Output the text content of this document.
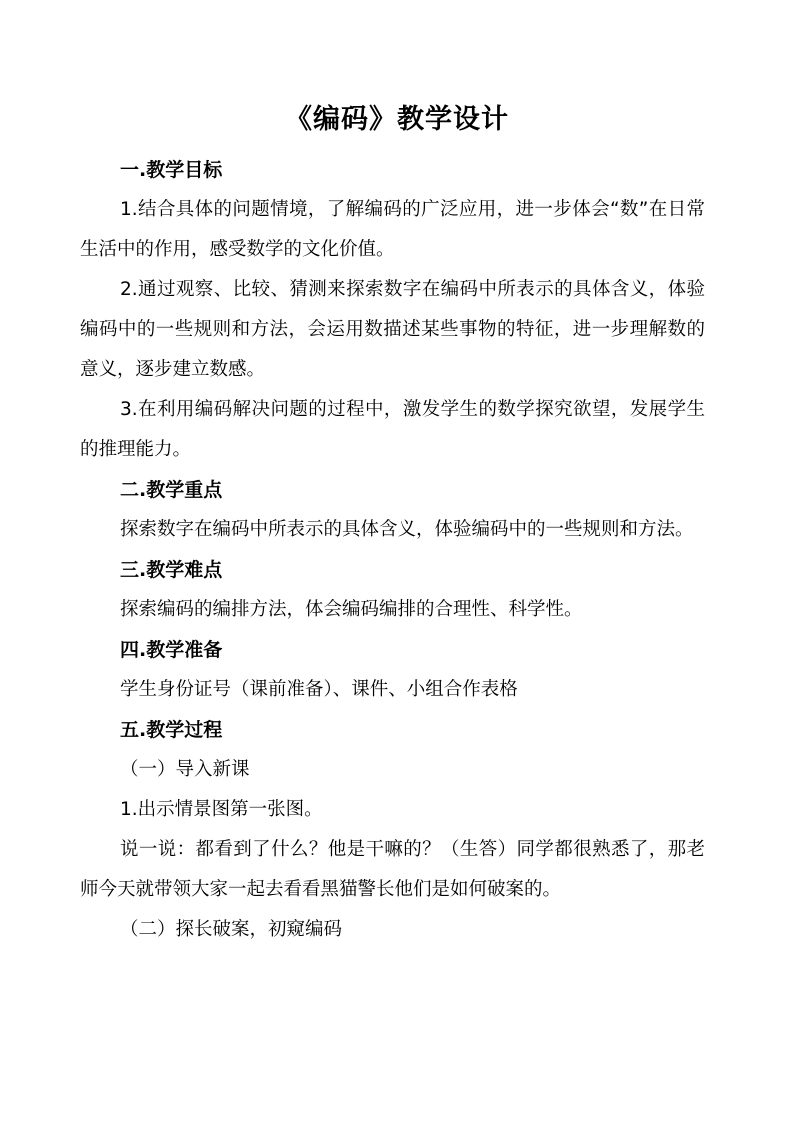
《编码》教学设计

一.教学目标

1.结合具体的问题情境，了解编码的广泛应用，进一步体会“数”在日常生活中的作用，感受数学的文化价值。

2.通过观察、比较、猜测来探索数字在编码中所表示的具体含义，体验编码中的一些规则和方法，会运用数描述某些事物的特征，进一步理解数的意义，逐步建立数感。

3.在利用编码解决问题的过程中，激发学生的数学探究欲望，发展学生的推理能力。

二.教学重点

探索数字在编码中所表示的具体含义，体验编码中的一些规则和方法。

三.教学难点

探索编码的编排方法，体会编码编排的合理性、科学性。

四.教学准备

学生身份证号（课前准备）、课件、小组合作表格

五.教学过程

（一）导入新课

1.出示情景图第一张图。

说一说：都看到了什么？他是干嘛的？（生答）同学都很熟悉了，那老师今天就带领大家一起去看看黑猫警长他们是如何破案的。

（二）探长破案，初窥编码
